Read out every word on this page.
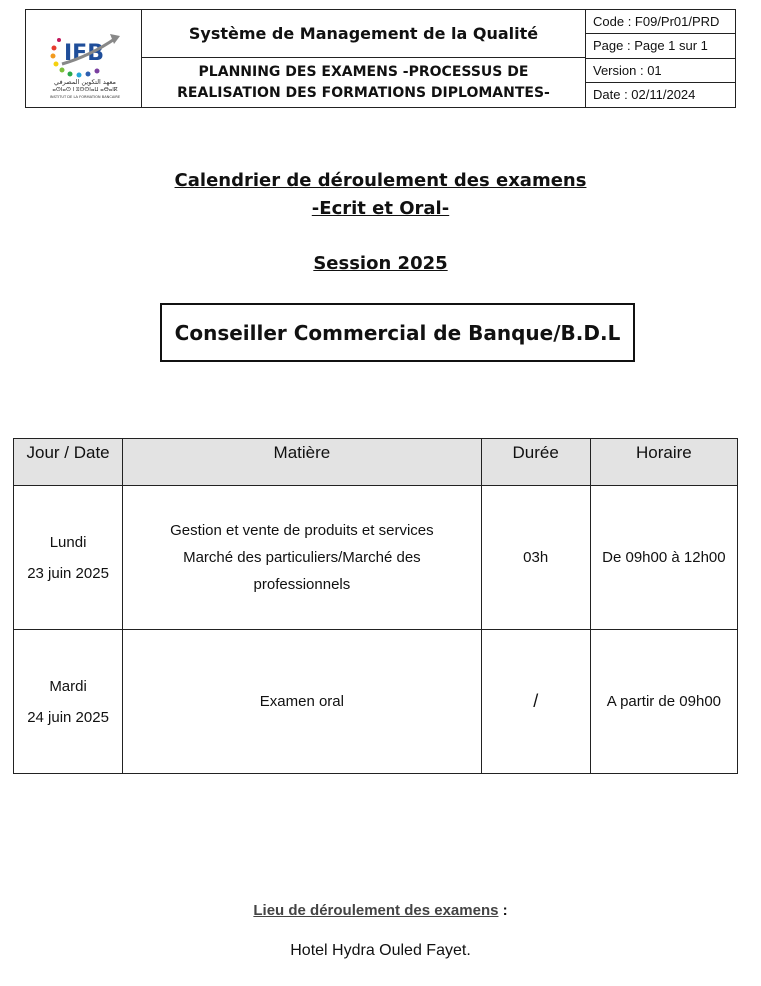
IFB
معهد التكوين المصرفي
ⴰⵙⵏⴰⵙ ⵏ ⵓⵙⵙⵏⴰⵡ ⴰⴱⴰⵏⴽ
INSTITUT DE LA FORMATION BANCAIRE
Système de Management de la Qualité
PLANNING DES EXAMENS -PROCESSUS DE
REALISATION DES FORMATIONS DIPLOMANTES-
Code : F09/Pr01/PRD
Page : Page 1 sur 1
Version : 01
Date : 02/11/2024
Calendrier de déroulement des examens
-Ecrit et Oral-
Session 2025
Conseiller Commercial de Banque/B.D.L
Jour / Date	Matière	Durée	Horaire

Lundi
23 juin 2025	Gestion et vente de produits et services
Marché des particuliers/Marché des
professionnels	03h	De 09h00 à 12h00

Mardi
24 juin 2025	Examen oral	/	A partir de 09h00
Lieu de déroulement des examens :
Hotel Hydra Ouled Fayet.
